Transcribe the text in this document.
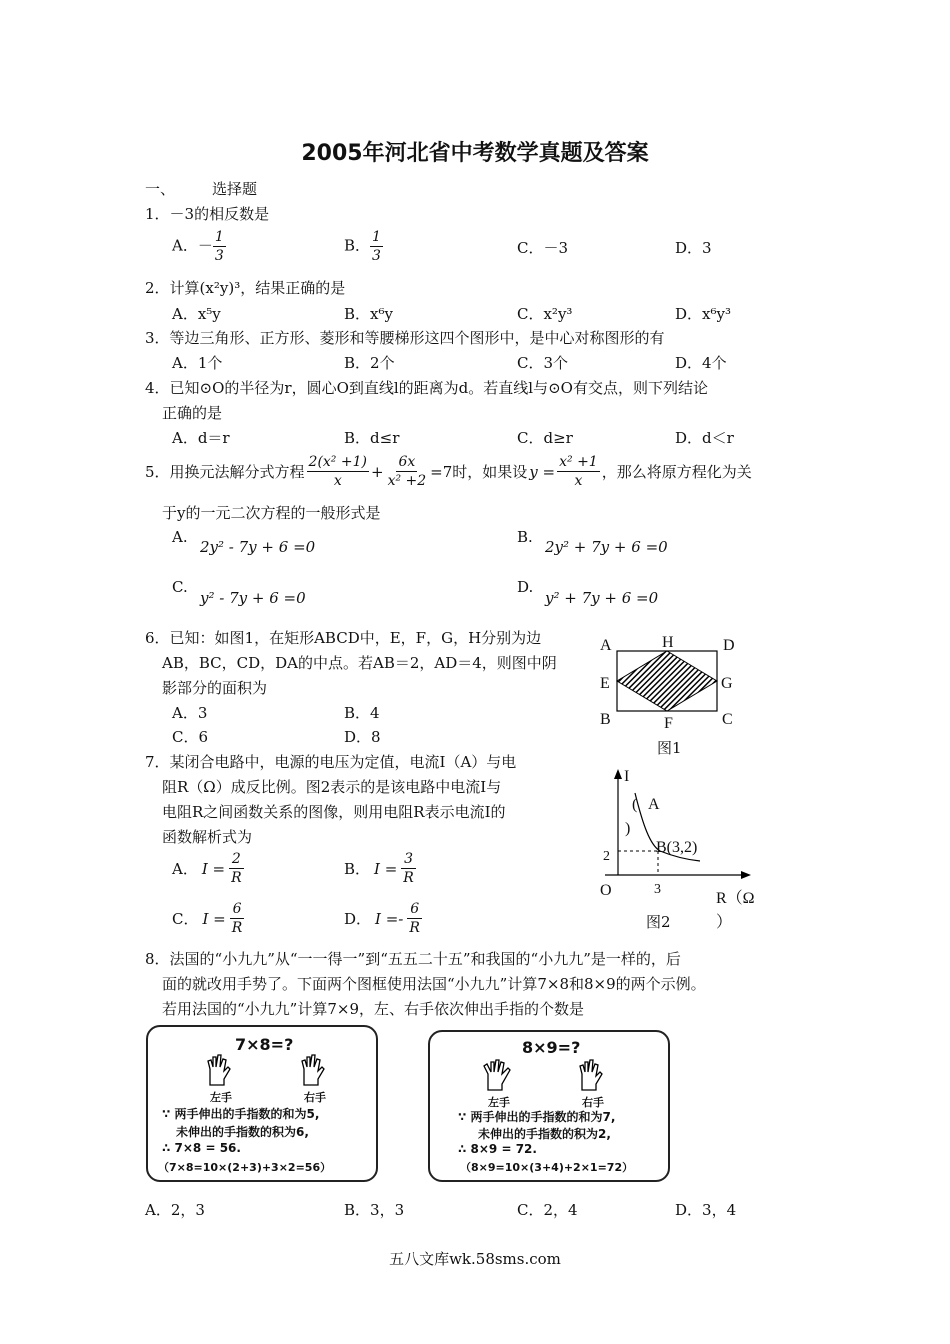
2005年河北省中考数学真题及答案
一、 选择题
1．－3的相反数是
A．－ $\frac{1}{3}$	B． $\frac{1}{3}$	C．－3	D．3
2．计算(x²y)³，结果正确的是
A．x⁵y	B．x⁶y	C．x²y³	D．x⁶y³
3．等边三角形、正方形、菱形和等腰梯形这四个图形中，是中心对称图形的有
A．1个	B．2个	C．3个	D．4个
4．已知⊙O的半径为r，圆心O到直线l的距离为d。若直线l与⊙O有交点，则下列结论
正确的是
A．d＝r	B．d≤r	C．d≥r	D．d＜r
5．用换元法解分式方程 $\frac{\text{2(x² +1)}}{x} + \frac{6x}{\text{x² +2}} =7$时，如果设 $y = \frac{\text{x² +1}}{x}$ ，那么将原方程化为关
于y的一元二次方程的一般形式是
A.
2y² - 7y + 6 =0
B.
2y² + 7y + 6 =0
C.
y² - 7y + 6 =0
D.
y² + 7y + 6 =0
6．已知：如图1，在矩形ABCD中，E，F，G，H分别为边
AB，BC，CD，DA的中点。若AB＝2，AD＝4，则图中阴
影部分的面积为
A．3	B．4
C．6	D．8
A	H	D
E	G
B	F	C
图1
7．某闭合电路中，电源的电压为定值，电流I（A）与电
阻R（Ω）成反比例。图2表示的是该电路中电流I与
电阻R之间函数关系的图像，则用电阻R表示电流I的
函数解析式为
A． $I = \frac{2}{R}$	B． $I = \frac{3}{R}$
C． $I = \frac{6}{R}$	D． $I =- \frac{6}{R}$
I
( A
)
2
B(3,2)
O	3
R（Ω
）
图2
8．法国的“小九九”从“一一得一”到“五五二十五”和我国的“小九九”是一样的，后
面的就改用手势了。下面两个图框使用法国“小九九”计算7×8和8×9的两个示例。
若用法国的“小九九”计算7×9，左、右手依次伸出手指的个数是
7×8=?
左手	右手
∵ 两手伸出的手指数的和为5,
未伸出的手指数的积为6,
∴ 7×8 = 56.
（7×8=10×(2+3)+3×2=56）
8×9=?
左手	右手
∵ 两手伸出的手指数的和为7,
未伸出的手指数的积为2,
∴ 8×9 = 72.
（8×9=10×(3+4)+2×1=72）
A．2，3	B．3，3	C．2，4	D．3，4
五八文库wk.58sms.com
